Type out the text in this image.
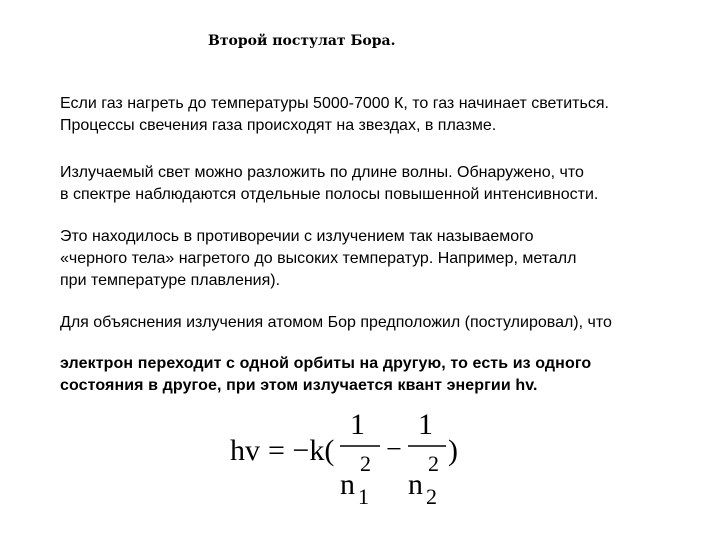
Второй постулат Бора.
Если газ нагреть до температуры 5000-7000 К, то газ начинает светиться.
Процессы свечения газа происходят на звездах, в плазме.
Излучаемый свет можно разложить по длине волны. Обнаружено, что
в спектре наблюдаются отдельные полосы повышенной интенсивности.
Это находилось в противоречии с излучением так называемого
«черного тела» нагретого до высоких температур. Например, металл
при температуре плавления).
Для объяснения излучения атомом Бор предположил (постулировал), что
электрон переходит с одной орбиты на другую, то есть из одного
состояния в другое, при этом излучается квант энергии hv.
hv = −k(
1
n
2
1
−
1
n
2
2
)
